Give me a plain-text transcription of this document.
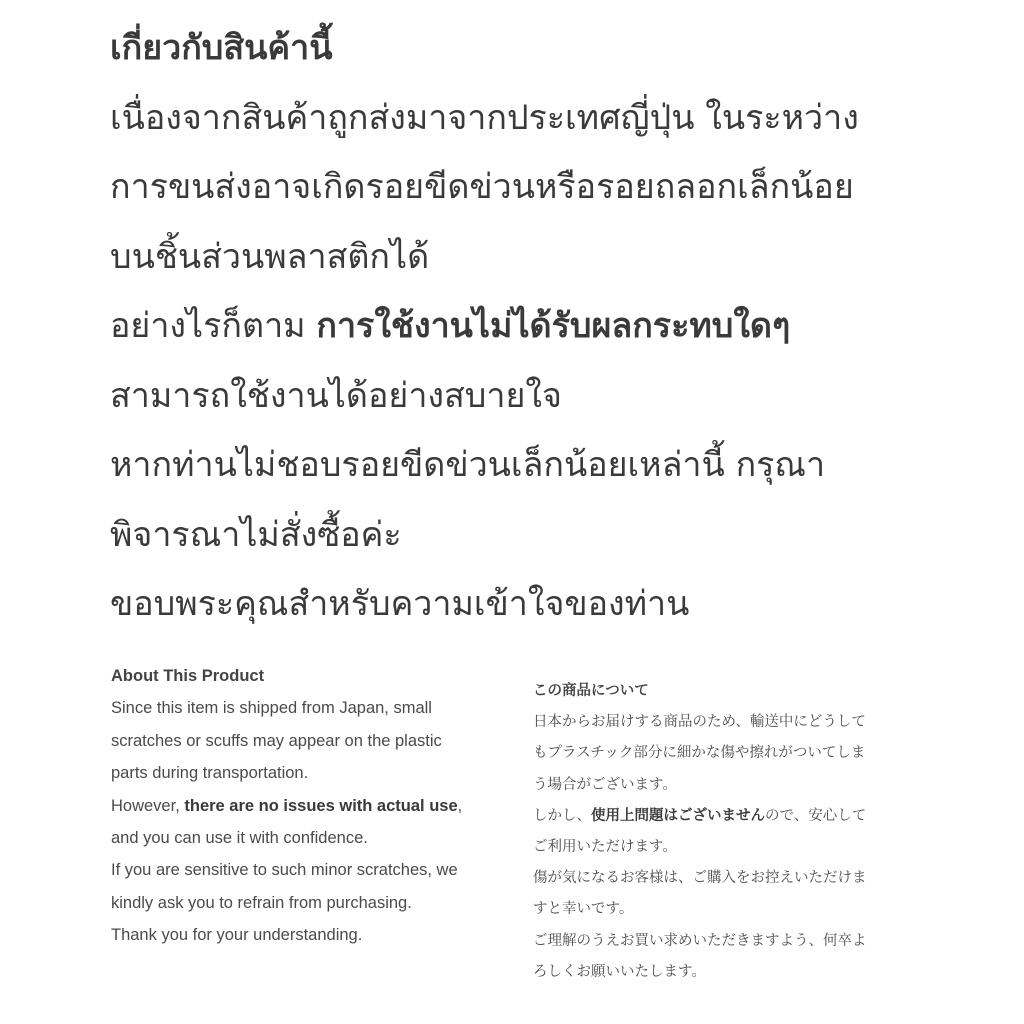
เกี่ยวกับสินค้านี้
เนื่องจากสินค้าถูกส่งมาจากประเทศญี่ปุ่น ในระหว่าง
การขนส่งอาจเกิดรอยขีดข่วนหรือรอยถลอกเล็กน้อย
บนชิ้นส่วนพลาสติกได้
อย่างไรก็ตาม การใช้งานไม่ได้รับผลกระทบใดๆ
สามารถใช้งานได้อย่างสบายใจ
หากท่านไม่ชอบรอยขีดข่วนเล็กน้อยเหล่านี้ กรุณา
พิจารณาไม่สั่งซื้อค่ะ
ขอบพระคุณสำหรับความเข้าใจของท่าน
About This Product
Since this item is shipped from Japan, small
scratches or scuffs may appear on the plastic
parts during transportation.
However, there are no issues with actual use,
and you can use it with confidence.
If you are sensitive to such minor scratches, we
kindly ask you to refrain from purchasing.
Thank you for your understanding.
この商品について
日本からお届けする商品のため、輸送中にどうして
もプラスチック部分に細かな傷や擦れがついてしま
う場合がございます。
しかし、使用上問題はございませんので、安心して
ご利用いただけます。
傷が気になるお客様は、ご購入をお控えいただけま
すと幸いです。
ご理解のうえお買い求めいただきますよう、何卒よ
ろしくお願いいたします。
